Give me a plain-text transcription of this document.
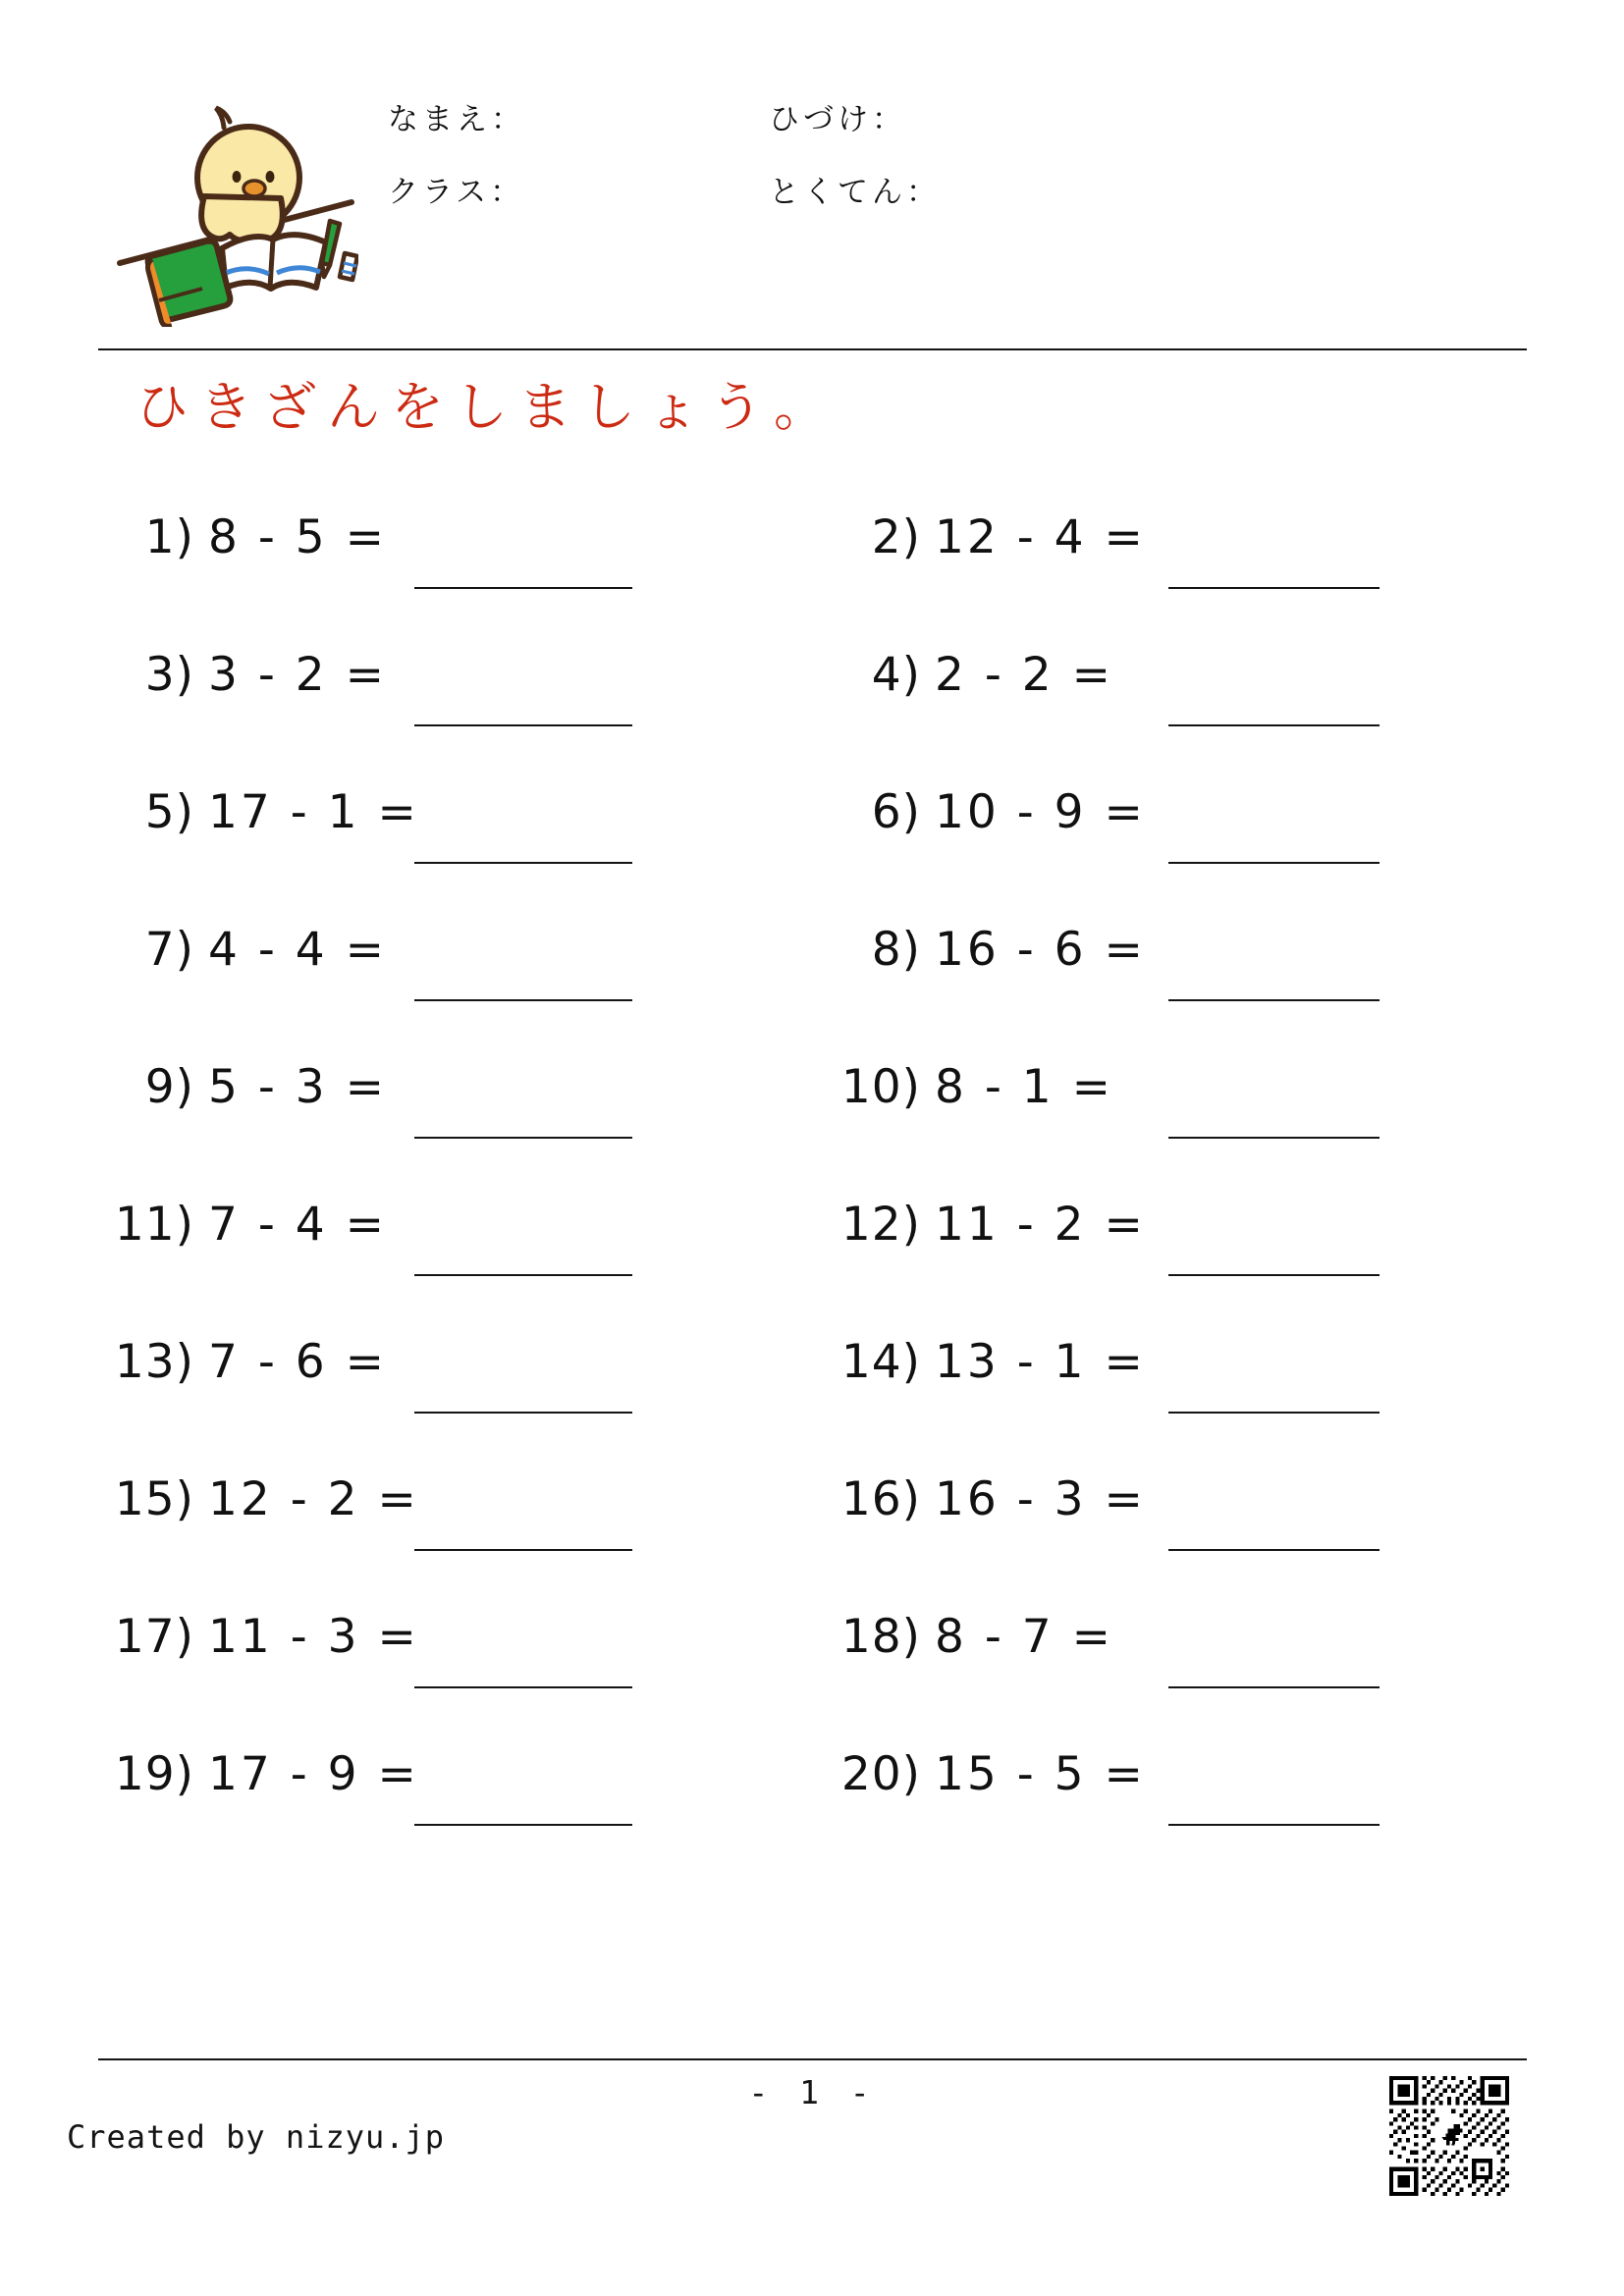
なまえ：	ひづけ：
クラス：	とくてん：
ひきざんをしましょう。
1) 8 - 5 =	2) 12 - 4 =
3) 3 - 2 =	4) 2 - 2 =
5) 17 - 1 =	6) 10 - 9 =
7) 4 - 4 =	8) 16 - 6 =
9) 5 - 3 =	10) 8 - 1 =
11) 7 - 4 =	12) 11 - 2 =
13) 7 - 6 =	14) 13 - 1 =
15) 12 - 2 =	16) 16 - 3 =
17) 11 - 3 =	18) 8 - 7 =
19) 17 - 9 =	20) 15 - 5 =
- 1 -
Created by nizyu.jp
